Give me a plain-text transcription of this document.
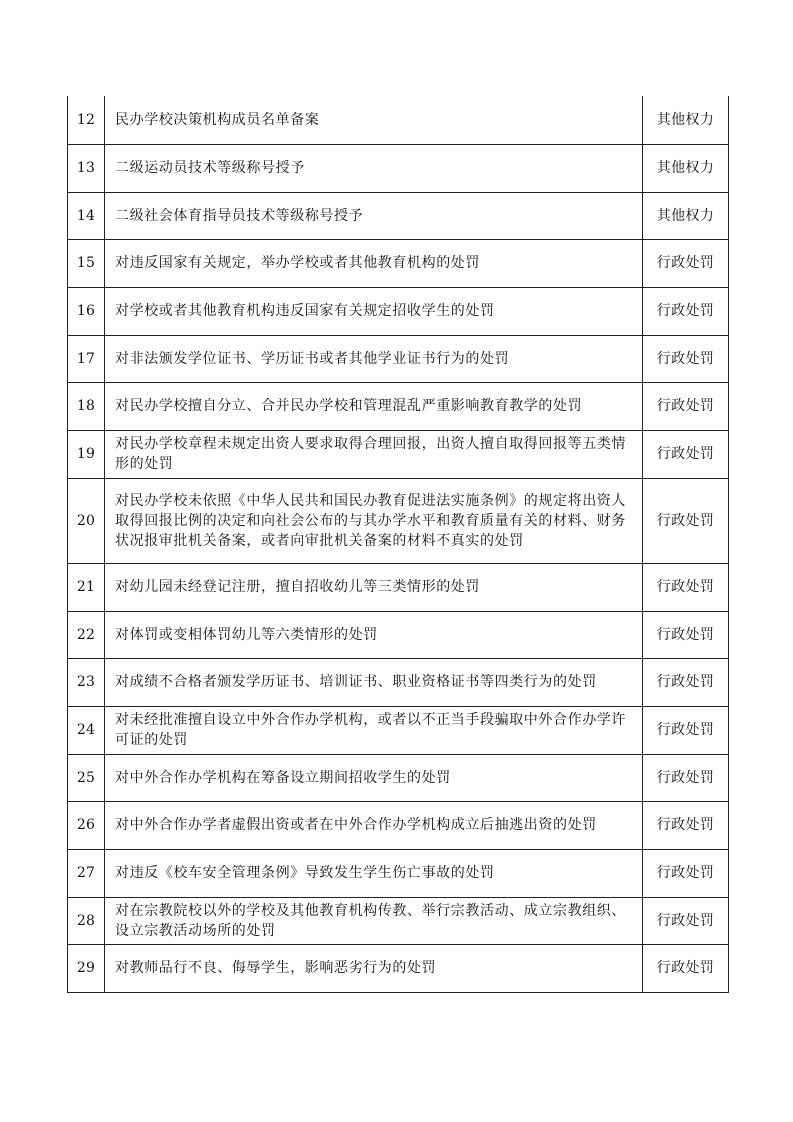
12	民办学校决策机构成员名单备案	其他权力
13	二级运动员技术等级称号授予	其他权力
14	二级社会体育指导员技术等级称号授予	其他权力
15	对违反国家有关规定，举办学校或者其他教育机构的处罚	行政处罚
16	对学校或者其他教育机构违反国家有关规定招收学生的处罚	行政处罚
17	对非法颁发学位证书、学历证书或者其他学业证书行为的处罚	行政处罚
18	对民办学校擅自分立、合并民办学校和管理混乱严重影响教育教学的处罚	行政处罚
19	对民办学校章程未规定出资人要求取得合理回报，出资人擅自取得回报等五类情形的处罚	行政处罚
20	对民办学校未依照《中华人民共和国民办教育促进法实施条例》的规定将出资人取得回报比例的决定和向社会公布的与其办学水平和教育质量有关的材料、财务状况报审批机关备案，或者向审批机关备案的材料不真实的处罚	行政处罚
21	对幼儿园未经登记注册，擅自招收幼儿等三类情形的处罚	行政处罚
22	对体罚或变相体罚幼儿等六类情形的处罚	行政处罚
23	对成绩不合格者颁发学历证书、培训证书、职业资格证书等四类行为的处罚	行政处罚
24	对未经批准擅自设立中外合作办学机构，或者以不正当手段骗取中外合作办学许可证的处罚	行政处罚
25	对中外合作办学机构在筹备设立期间招收学生的处罚	行政处罚
26	对中外合作办学者虚假出资或者在中外合作办学机构成立后抽逃出资的处罚	行政处罚
27	对违反《校车安全管理条例》导致发生学生伤亡事故的处罚	行政处罚
28	对在宗教院校以外的学校及其他教育机构传教、举行宗教活动、成立宗教组织、设立宗教活动场所的处罚	行政处罚
29	对教师品行不良、侮辱学生，影响恶劣行为的处罚	行政处罚
